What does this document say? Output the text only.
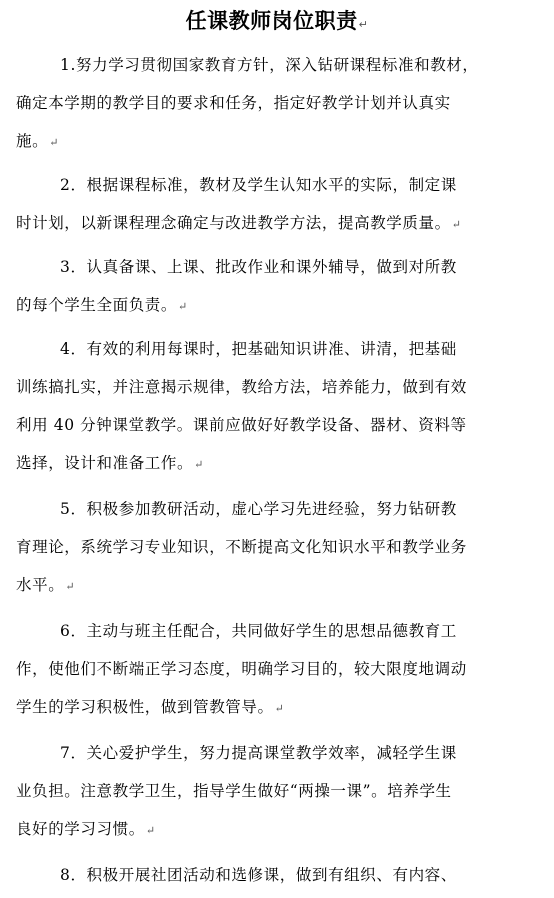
任课教师岗位职责↵
1.努力学习贯彻国家教育方针，深入钻研课程标准和教材，
确定本学期的教学目的要求和任务，指定好教学计划并认真实
施。↵
2．根据课程标准，教材及学生认知水平的实际，制定课
时计划，以新课程理念确定与改进教学方法，提高教学质量。↵
3．认真备课、上课、批改作业和课外辅导，做到对所教
的每个学生全面负责。↵
4．有效的利用每课时，把基础知识讲准、讲清，把基础
训练搞扎实，并注意揭示规律，教给方法，培养能力，做到有效
利用 40 分钟课堂教学。课前应做好好教学设备、器材、资料等
选择，设计和准备工作。↵
5．积极参加教研活动，虚心学习先进经验，努力钻研教
育理论，系统学习专业知识，不断提高文化知识水平和教学业务
水平。↵
6．主动与班主任配合，共同做好学生的思想品德教育工
作，使他们不断端正学习态度，明确学习目的，较大限度地调动
学生的学习积极性，做到管教管导。↵
7．关心爱护学生，努力提高课堂教学效率，减轻学生课
业负担。注意教学卫生，指导学生做好“两操一课”。培养学生
良好的学习习惯。↵
8．积极开展社团活动和选修课，做到有组织、有内容、
